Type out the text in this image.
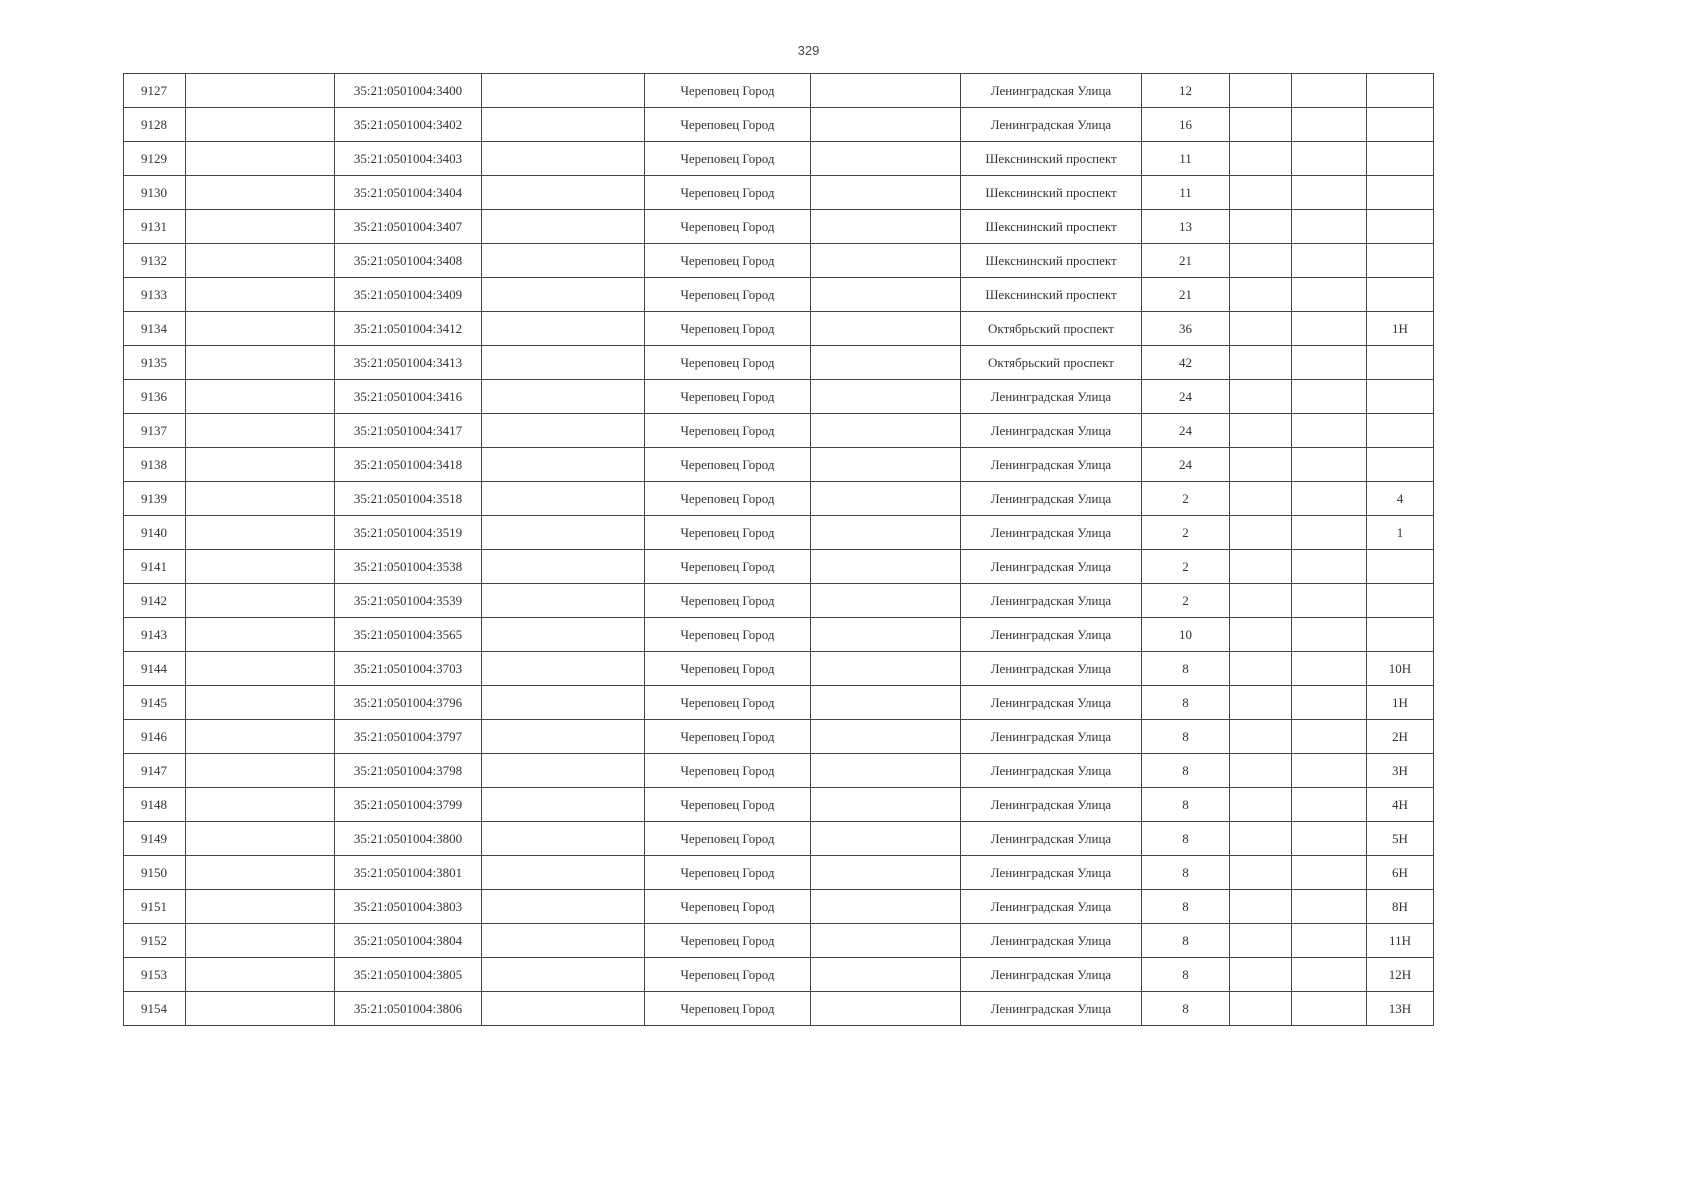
329
9127		35:21:0501004:3400		Череповец Город		Ленинградская Улица	12			
9128		35:21:0501004:3402		Череповец Город		Ленинградская Улица	16			
9129		35:21:0501004:3403		Череповец Город		Шекснинский проспект	11			
9130		35:21:0501004:3404		Череповец Город		Шекснинский проспект	11			
9131		35:21:0501004:3407		Череповец Город		Шекснинский проспект	13			
9132		35:21:0501004:3408		Череповец Город		Шекснинский проспект	21			
9133		35:21:0501004:3409		Череповец Город		Шекснинский проспект	21			
9134		35:21:0501004:3412		Череповец Город		Октябрьский проспект	36			1Н
9135		35:21:0501004:3413		Череповец Город		Октябрьский проспект	42			
9136		35:21:0501004:3416		Череповец Город		Ленинградская Улица	24			
9137		35:21:0501004:3417		Череповец Город		Ленинградская Улица	24			
9138		35:21:0501004:3418		Череповец Город		Ленинградская Улица	24			
9139		35:21:0501004:3518		Череповец Город		Ленинградская Улица	2			4
9140		35:21:0501004:3519		Череповец Город		Ленинградская Улица	2			1
9141		35:21:0501004:3538		Череповец Город		Ленинградская Улица	2			
9142		35:21:0501004:3539		Череповец Город		Ленинградская Улица	2			
9143		35:21:0501004:3565		Череповец Город		Ленинградская Улица	10			
9144		35:21:0501004:3703		Череповец Город		Ленинградская Улица	8			10Н
9145		35:21:0501004:3796		Череповец Город		Ленинградская Улица	8			1Н
9146		35:21:0501004:3797		Череповец Город		Ленинградская Улица	8			2Н
9147		35:21:0501004:3798		Череповец Город		Ленинградская Улица	8			3Н
9148		35:21:0501004:3799		Череповец Город		Ленинградская Улица	8			4Н
9149		35:21:0501004:3800		Череповец Город		Ленинградская Улица	8			5Н
9150		35:21:0501004:3801		Череповец Город		Ленинградская Улица	8			6Н
9151		35:21:0501004:3803		Череповец Город		Ленинградская Улица	8			8Н
9152		35:21:0501004:3804		Череповец Город		Ленинградская Улица	8			11Н
9153		35:21:0501004:3805		Череповец Город		Ленинградская Улица	8			12Н
9154		35:21:0501004:3806		Череповец Город		Ленинградская Улица	8			13Н
